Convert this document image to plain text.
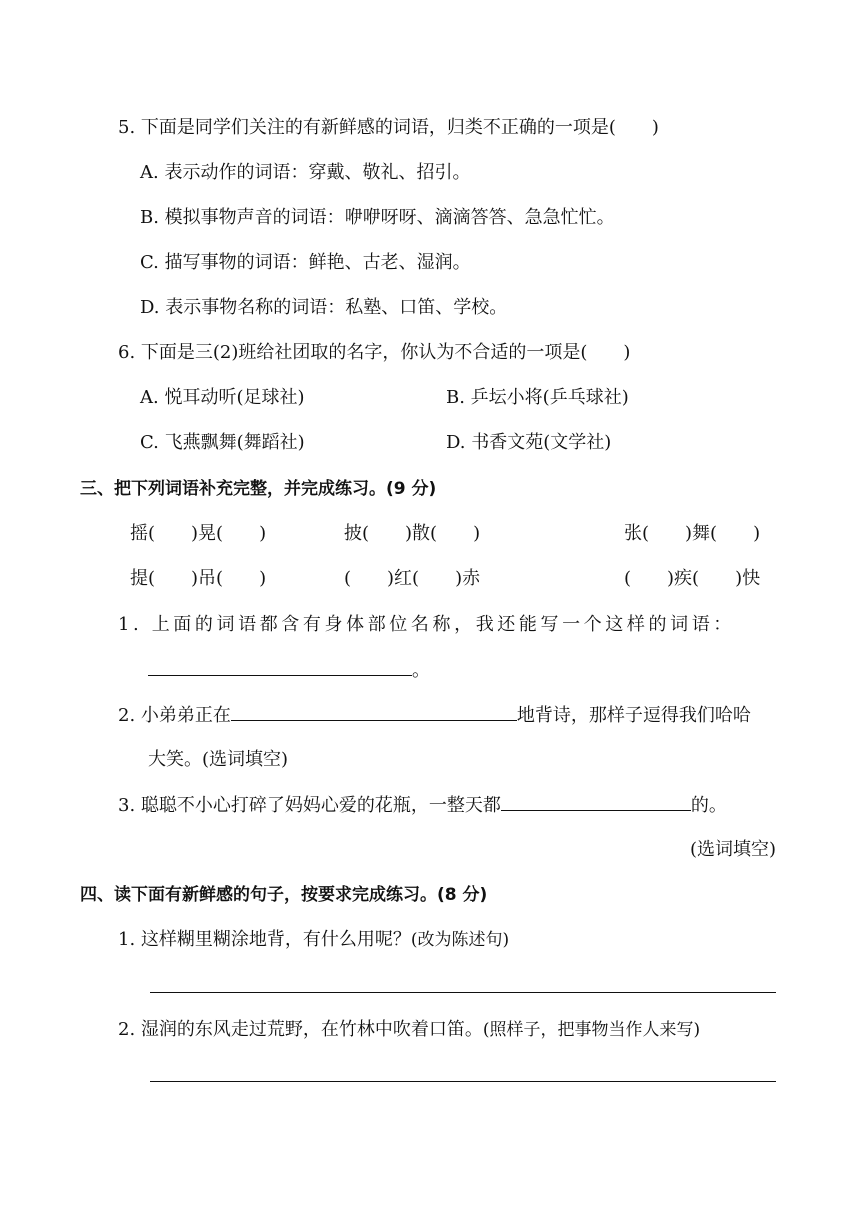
5. 下面是同学们关注的有新鲜感的词语，归类不正确的一项是(　　)
A. 表示动作的词语：穿戴、敬礼、招引。
B. 模拟事物声音的词语：咿咿呀呀、滴滴答答、急急忙忙。
C. 描写事物的词语：鲜艳、古老、湿润。
D. 表示事物名称的词语：私塾、口笛、学校。
6. 下面是三(2)班给社团取的名字，你认为不合适的一项是(　　)
A. 悦耳动听(足球社)	B. 乒坛小将(乒乓球社)
C. 飞燕飘舞(舞蹈社)	D. 书香文苑(文学社)
三、把下列词语补充完整，并完成练习。(9 分)
摇(　　)晃(　　)	披(　　)散(　　)	张(　　)舞(　　)
提(　　)吊(　　)	(　　)红(　　)赤	(　　)疾(　　)快
1. 上面的词语都含有身体部位名称，我还能写一个这样的词语：
。
2. 小弟弟正在	地背诗，那样子逗得我们哈哈
大笑。(选词填空)
3. 聪聪不小心打碎了妈妈心爱的花瓶，一整天都	的。
(选词填空)
四、读下面有新鲜感的句子，按要求完成练习。(8 分)
1. 这样糊里糊涂地背，有什么用呢？(改为陈述句)
2. 湿润的东风走过荒野，在竹林中吹着口笛。(照样子，把事物当作人来写)
